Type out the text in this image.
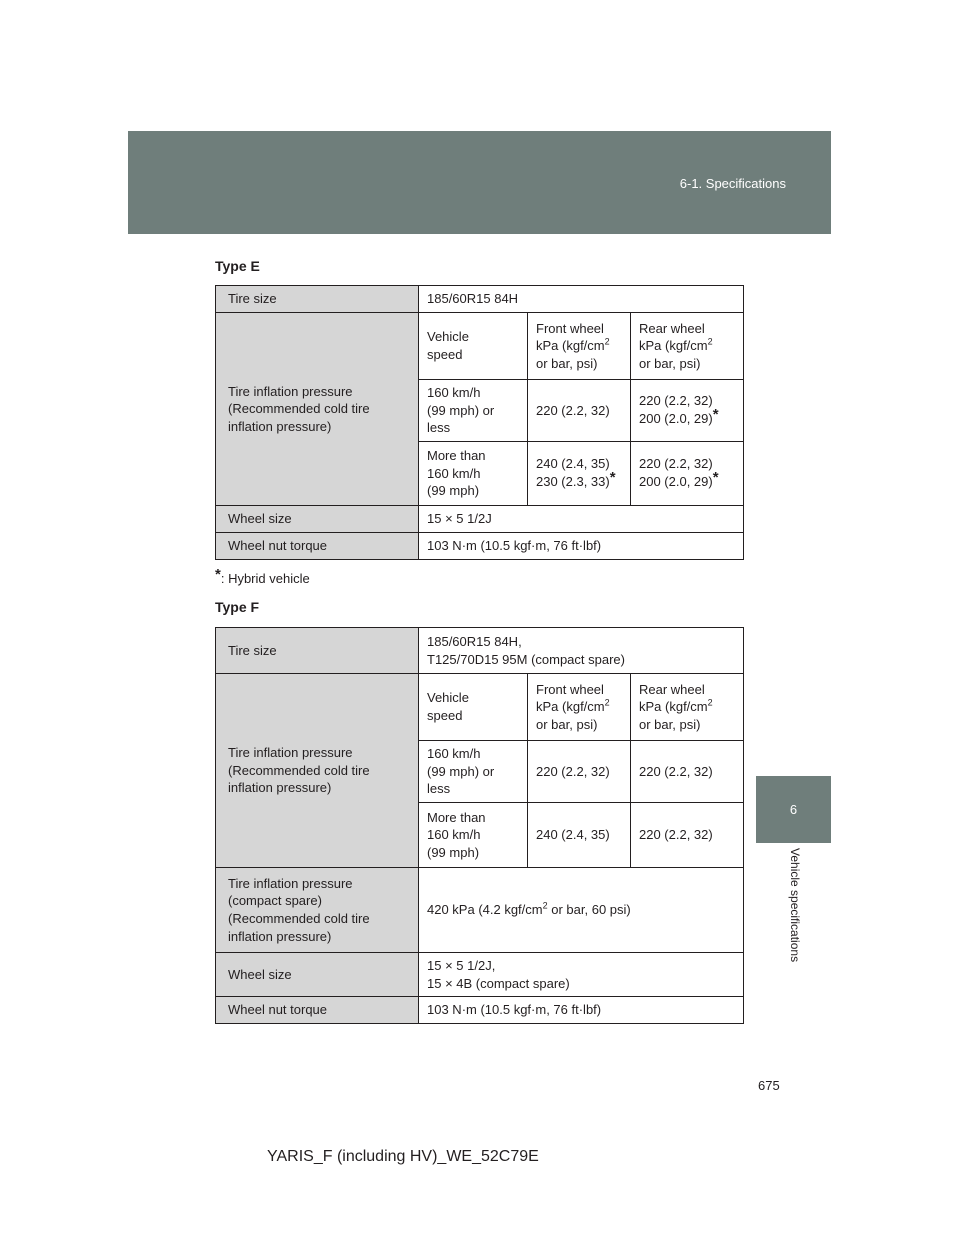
6-1. Specifications
6
Vehicle specifications
Type E
Tire size	185/60R15 84H		
Tire inflation pressure
(Recommended cold tire
inflation pressure)	Vehicle
speed	Front wheel
kPa ($kgf/cm^2$
or bar, psi)	Rear wheel
kPa ($kgf/cm^2$
or bar, psi)
	160 km/h
(99 mph) or
less	220 (2.2, 32)	220 (2.2, 32)
200 (2.0, 29)*
	More than
160 km/h
(99 mph)	240 (2.4, 35)
230 (2.3, 33)*	220 (2.2, 32)
200 (2.0, 29)*
Wheel size	15 × 5 1/2J		
Wheel nut torque	103 N·m (10.5 kgf·m, 76 ft·lbf)		
*: Hybrid vehicle
Type F
Tire size	185/60R15 84H,
T125/70D15 95M (compact spare)		
Tire inflation pressure
(Recommended cold tire
inflation pressure)	Vehicle
speed	Front wheel
kPa ($kgf/cm^2$
or bar, psi)	Rear wheel
kPa ($kgf/cm^2$
or bar, psi)
	160 km/h
(99 mph) or
less	220 (2.2, 32)	220 (2.2, 32)
	More than
160 km/h
(99 mph)	240 (2.4, 35)	220 (2.2, 32)
Tire inflation pressure
(compact spare)
(Recommended cold tire
inflation pressure)	420 kPa (4.2 kgf/$cm^2$ or bar, 60 psi)		
Wheel size	15 × 5 1/2J,
15 × 4B (compact spare)		
Wheel nut torque	103 N·m (10.5 kgf·m, 76 ft·lbf)		
675
YARIS_F (including HV)_WE_52C79E
